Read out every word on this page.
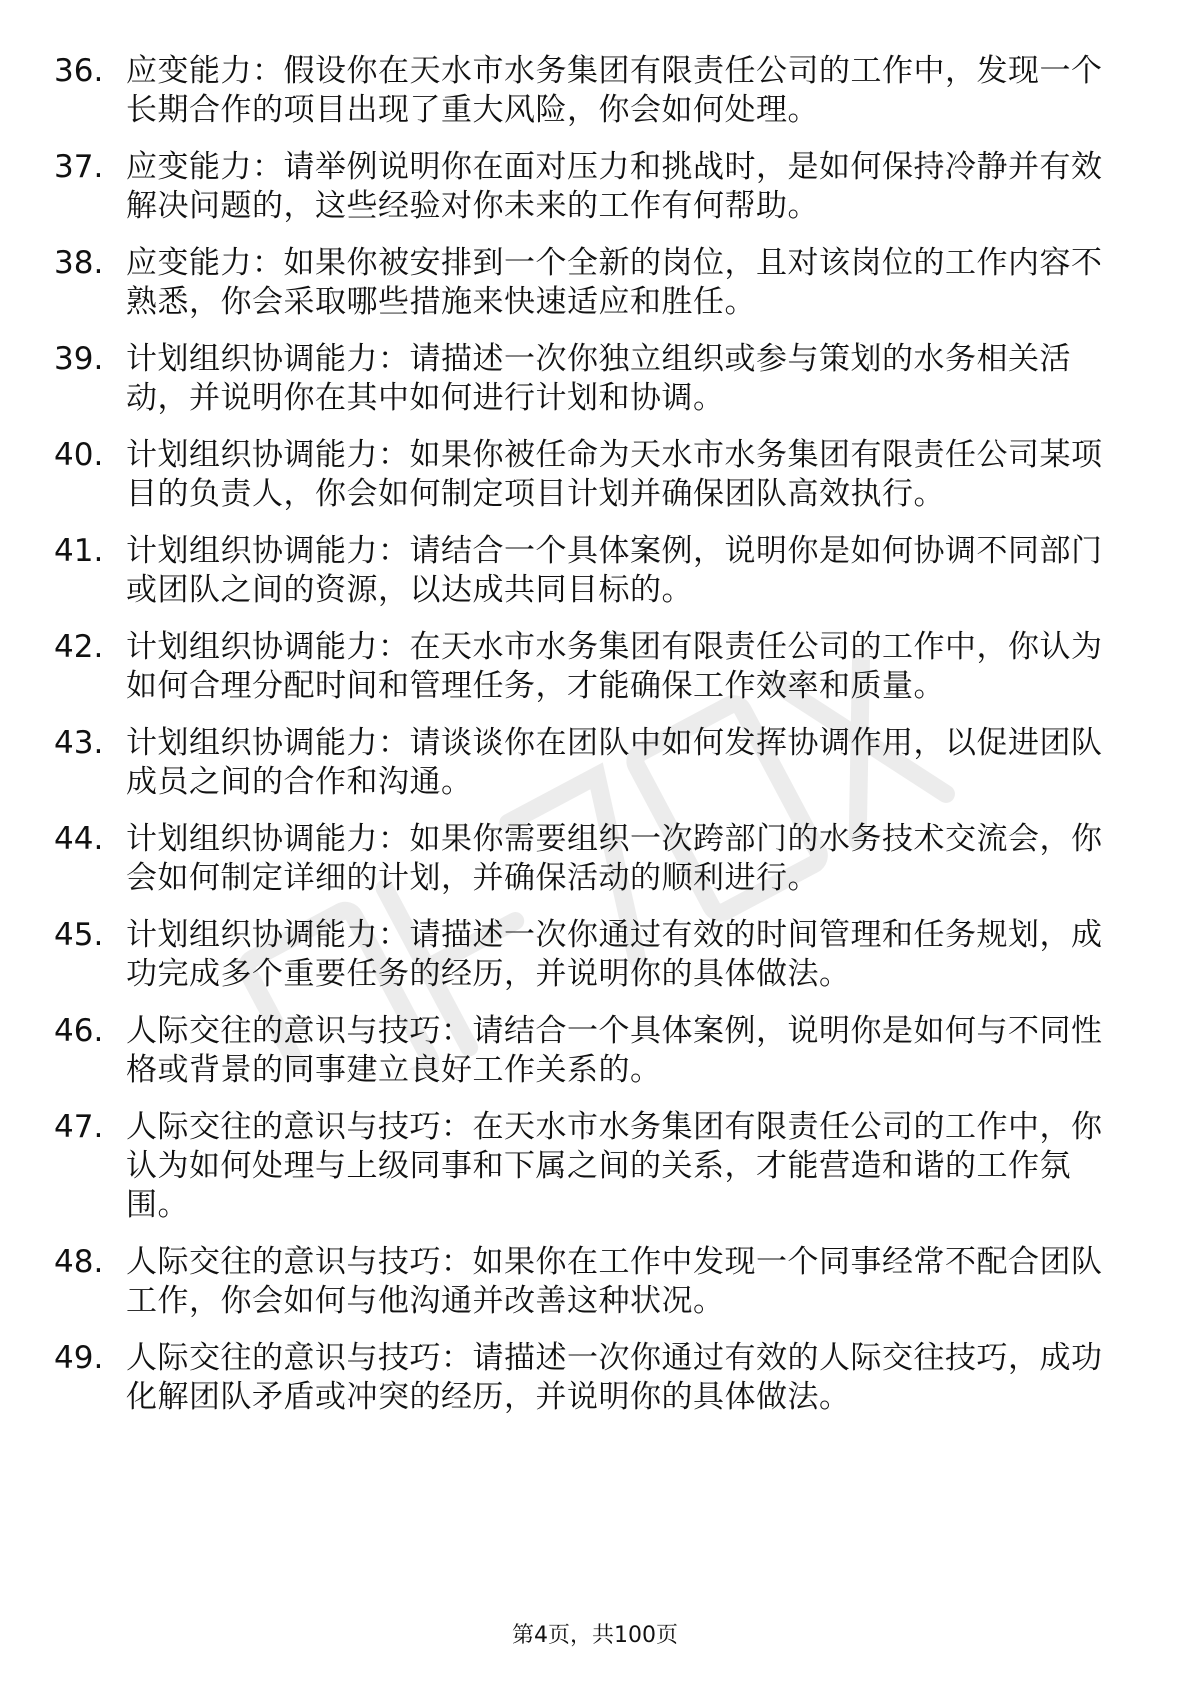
36. 应变能力：假设你在天水市水务集团有限责任公司的工作中，发现一个长期合作的项目出现了重大风险，你会如何处理。
37. 应变能力：请举例说明你在面对压力和挑战时，是如何保持冷静并有效解决问题的，这些经验对你未来的工作有何帮助。
38. 应变能力：如果你被安排到一个全新的岗位，且对该岗位的工作内容不熟悉，你会采取哪些措施来快速适应和胜任。
39. 计划组织协调能力：请描述一次你独立组织或参与策划的水务相关活动，并说明你在其中如何进行计划和协调。
40. 计划组织协调能力：如果你被任命为天水市水务集团有限责任公司某项目的负责人，你会如何制定项目计划并确保团队高效执行。
41. 计划组织协调能力：请结合一个具体案例，说明你是如何协调不同部门或团队之间的资源，以达成共同目标的。
42. 计划组织协调能力：在天水市水务集团有限责任公司的工作中，你认为如何合理分配时间和管理任务，才能确保工作效率和质量。
43. 计划组织协调能力：请谈谈你在团队中如何发挥协调作用，以促进团队成员之间的合作和沟通。
44. 计划组织协调能力：如果你需要组织一次跨部门的水务技术交流会，你会如何制定详细的计划，并确保活动的顺利进行。
45. 计划组织协调能力：请描述一次你通过有效的时间管理和任务规划，成功完成多个重要任务的经历，并说明你的具体做法。
46. 人际交往的意识与技巧：请结合一个具体案例，说明你是如何与不同性格或背景的同事建立良好工作关系的。
47. 人际交往的意识与技巧：在天水市水务集团有限责任公司的工作中，你认为如何处理与上级同事和下属之间的关系，才能营造和谐的工作氛围。
48. 人际交往的意识与技巧：如果你在工作中发现一个同事经常不配合团队工作，你会如何与他沟通并改善这种状况。
49. 人际交往的意识与技巧：请描述一次你通过有效的人际交往技巧，成功化解团队矛盾或冲突的经历，并说明你的具体做法。
第4页，共100页
